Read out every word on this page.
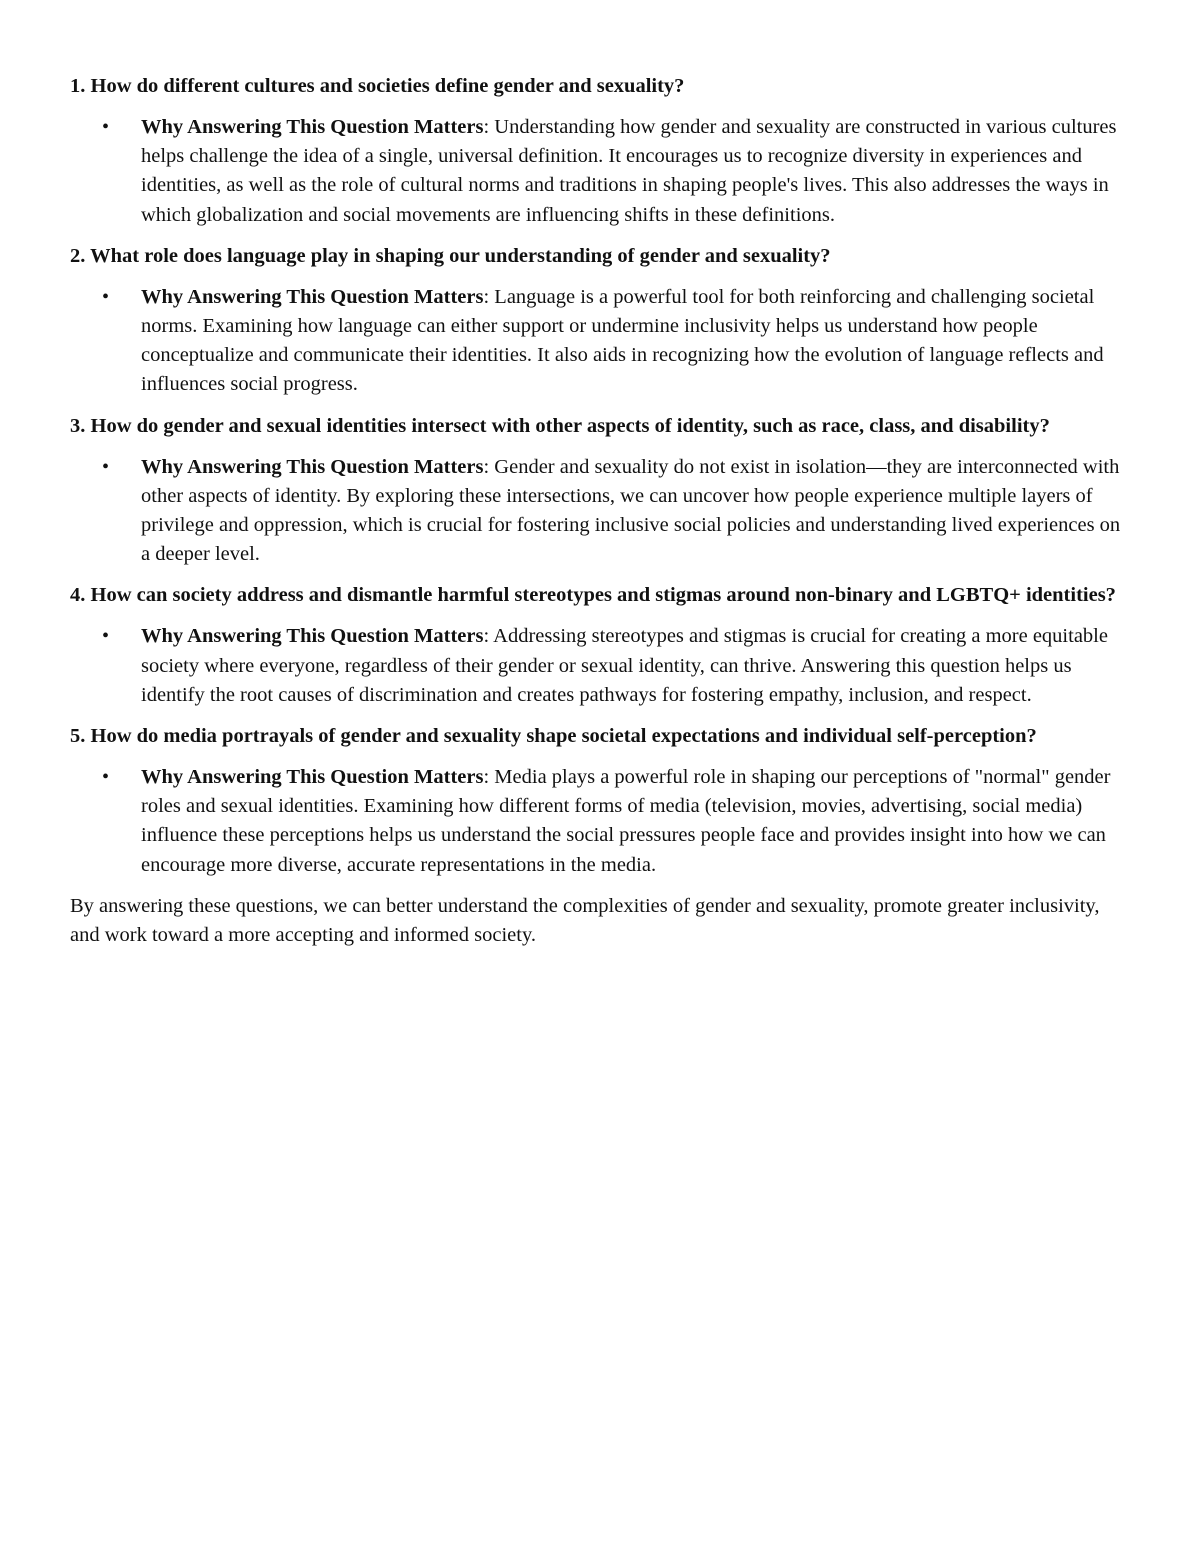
1. How do different cultures and societies define gender and sexuality?

• Why Answering This Question Matters: Understanding how gender and sexuality are constructed in various cultures helps challenge the idea of a single, universal definition. It encourages us to recognize diversity in experiences and identities, as well as the role of cultural norms and traditions in shaping people's lives. This also addresses the ways in which globalization and social movements are influencing shifts in these definitions.

2. What role does language play in shaping our understanding of gender and sexuality?

• Why Answering This Question Matters: Language is a powerful tool for both reinforcing and challenging societal norms. Examining how language can either support or undermine inclusivity helps us understand how people conceptualize and communicate their identities. It also aids in recognizing how the evolution of language reflects and influences social progress.

3. How do gender and sexual identities intersect with other aspects of identity, such as race, class, and disability?

• Why Answering This Question Matters: Gender and sexuality do not exist in isolation—they are interconnected with other aspects of identity. By exploring these intersections, we can uncover how people experience multiple layers of privilege and oppression, which is crucial for fostering inclusive social policies and understanding lived experiences on a deeper level.

4. How can society address and dismantle harmful stereotypes and stigmas around non-binary and LGBTQ+ identities?

• Why Answering This Question Matters: Addressing stereotypes and stigmas is crucial for creating a more equitable society where everyone, regardless of their gender or sexual identity, can thrive. Answering this question helps us identify the root causes of discrimination and creates pathways for fostering empathy, inclusion, and respect.

5. How do media portrayals of gender and sexuality shape societal expectations and individual self-perception?

• Why Answering This Question Matters: Media plays a powerful role in shaping our perceptions of "normal" gender roles and sexual identities. Examining how different forms of media (television, movies, advertising, social media) influence these perceptions helps us understand the social pressures people face and provides insight into how we can encourage more diverse, accurate representations in the media.

By answering these questions, we can better understand the complexities of gender and sexuality, promote greater inclusivity, and work toward a more accepting and informed society.
